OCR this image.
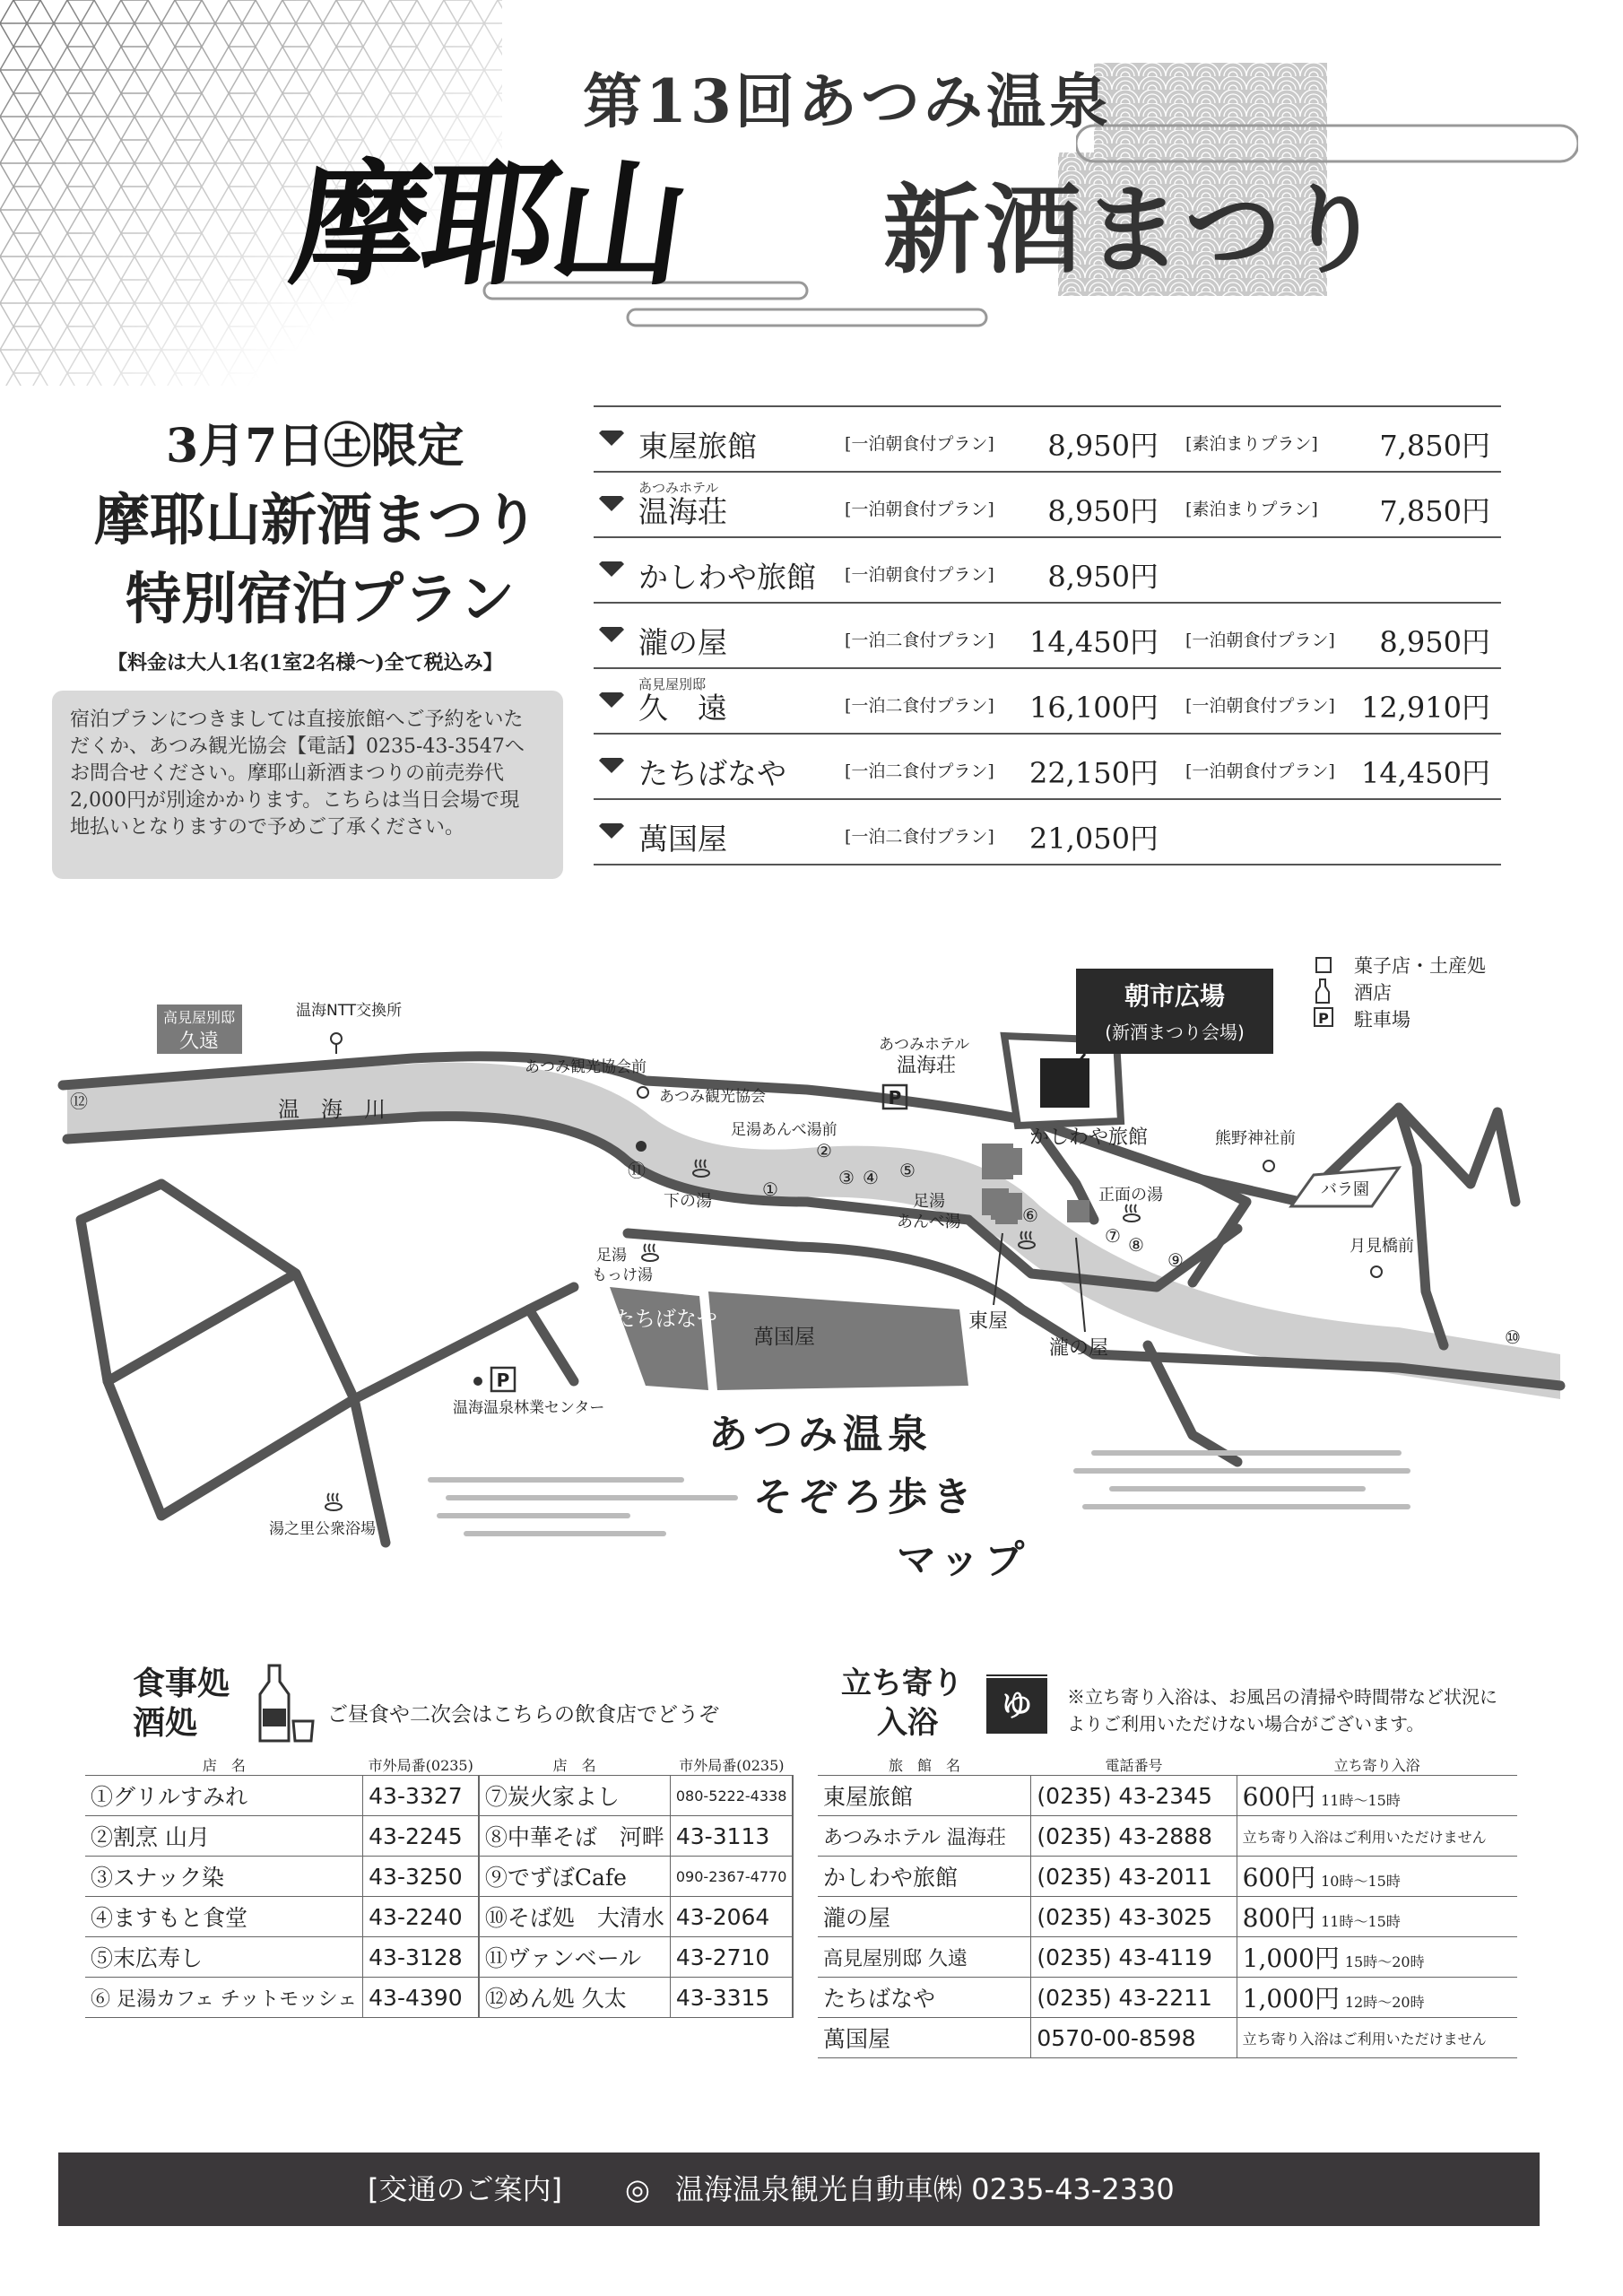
第13回あつみ温泉
摩耶山 新酒まつり
3月7日㊏限定
摩耶山新酒まつり
特別宿泊プラン
【料金は大人1名(1室2名様～)全て税込み】
宿泊プランにつきましては直接旅館へご予約をいた
だくか、あつみ観光協会【電話】0235-43-3547へ
お問合せください。摩耶山新酒まつりの前売券代
2,000円が別途かかります。こちらは当日会場で現
地払いとなりますので予めご了承ください。
東屋旅館	[一泊朝食付プラン]	8,950円 [素泊まりプラン]	7,850円
あつみホテル
温海荘	[一泊朝食付プラン]	8,950円 [素泊まりプラン]	7,850円
かしわや旅館 [一泊朝食付プラン]	8,950円
瀧の屋	[一泊二食付プラン]	14,450円 [一泊朝食付プラン]	8,950円
高見屋別邸
久　遠	[一泊二食付プラン]	16,100円 [一泊朝食付プラン] 12,910円
たちばなや	[一泊二食付プラン]	22,150円 [一泊朝食付プラン] 14,450円
萬国屋	[一泊二食付プラン]	21,050円
朝市広場
(新酒まつり会場)
菓子店・土産処
酒店
P 駐車場
高見屋別邸
久遠
温海NTT交換所
あつみ観光協会前
あつみ観光協会
温　海　川
足湯あんべ湯前
あつみホテル
温海荘
P
かしわや旅館	熊野神社前
バラ園
下の湯	足湯
あんべ湯
正面の湯
月見橋前
足湯
もっけ湯
たちばなや
萬国屋
東屋
瀧の屋
P
温海温泉林業センター
湯之里公衆浴場
①
②
③ ④ ⑤
⑥
⑦ ⑧
⑨
⑩
⑪
⑫
あつみ温泉
そぞろ歩き
マップ
食事処
酒処	ご昼食や二次会はこちらの飲食店でどうぞ
店　名	市外局番(0235)	店　名	市外局番(0235)
①グリルすみれ	43-3327	⑦炭火家よし	080-5222-4338
②割烹 山月	43-2245	⑧中華そば　河畔	43-3113
③スナック染	43-3250	⑨でずぼCafe	090-2367-4770
④ますもと食堂	43-2240	⑩そば処　大清水	43-2064
⑤末広寿し	43-3128	⑪ヴァンベール	43-2710
⑥ 足湯カフェ チットモッシェ	43-4390	⑫めん処 久太	43-3315
立ち寄り
入浴	ゆ	※立ち寄り入浴は、お風呂の清掃や時間帯など状況に
よりご利用いただけない場合がございます。
旅　館　名	電話番号	立ち寄り入浴
東屋旅館	(0235) 43-2345	600円 11時～15時
あつみホテル 温海荘	(0235) 43-2888	立ち寄り入浴はご利用いただけません
かしわや旅館	(0235) 43-2011	600円 10時～15時
瀧の屋	(0235) 43-3025	800円 11時～15時
高見屋別邸 久遠	(0235) 43-4119	1,000円 15時～20時
たちばなや	(0235) 43-2211	1,000円 12時～20時
萬国屋	0570-00-8598	立ち寄り入浴はご利用いただけません
[交通のご案内] ◎ 温海温泉観光自動車㈱ 0235-43-2330
